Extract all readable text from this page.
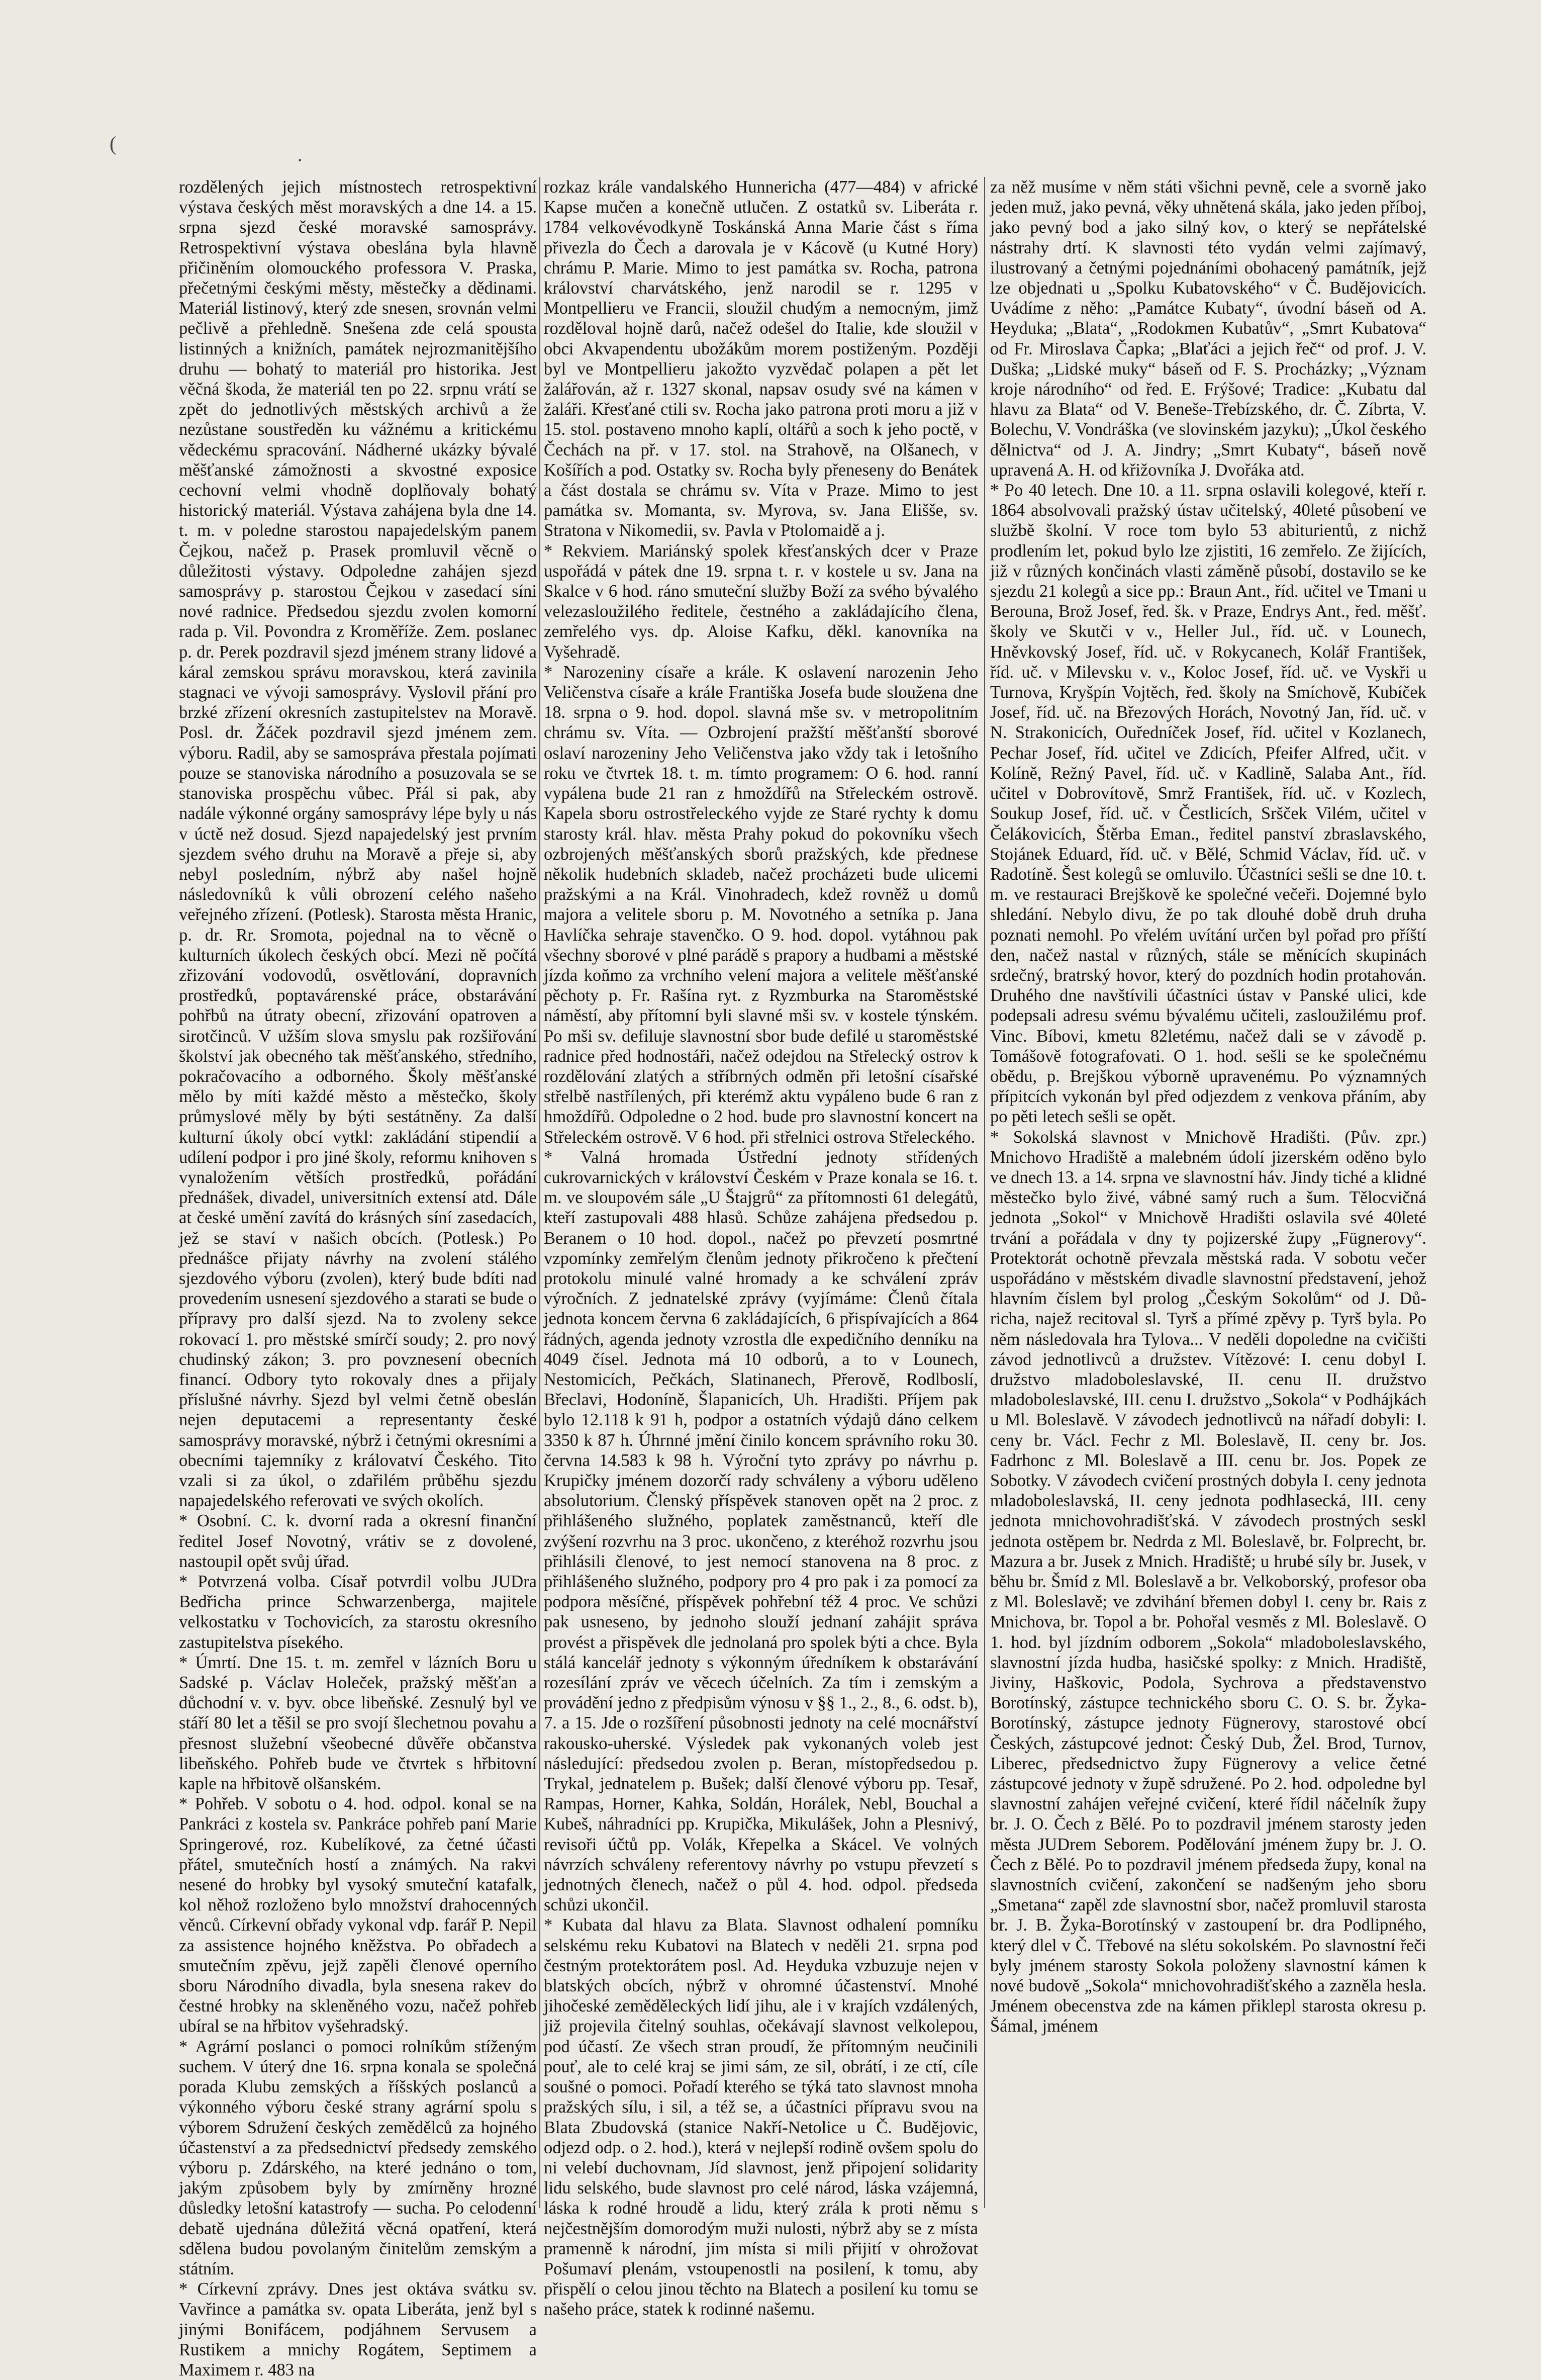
·
(

rozdělených jejich místnostech retrospektivní výstava českých měst moravských a dne 14. a 15. srpna sjezd české moravské samosprávy. Retrospektivní výstava obeslána byla hlavně přičiněním olomouckého professora V. Praska, přečetnými českými městy, městečky a dědinami. Materiál listinový, který zde snesen, srovnán velmi pečlivě a přehledně. Snešena zde celá spousta listinných a knižních, památek nejrozmanitějšího druhu — bohatý to materiál pro historika. Jest věčná škoda, že materiál ten po 22. srpnu vrátí se zpět do jednotlivých městských archivů a že nezůstane soustředěn ku vážnému a kritickému vědeckému spracování. Nádherné ukázky bývalé měšťanské zámožnosti a skvostné exposice cechovní velmi vhodně doplňovaly bohatý historický materiál. Výstava zahájena byla dne 14. t. m. v poledne starostou napajedelským panem Čejkou, načež p. Prasek promluvil věcně o důležitosti výstavy. Odpoledne zahájen sjezd samosprávy p. starostou Čejkou v zasedací síni nové radnice. Předsedou sjezdu zvolen komorní rada p. Vil. Povondra z Kroměříže. Zem. poslanec p. dr. Perek pozdravil sjezd jménem strany lidové a káral zemskou správu moravskou, která zavinila stagnaci ve vývoji samosprávy. Vyslovil přání pro brzké zřízení okresních zastupitelstev na Moravě. Posl. dr. Žáček pozdravil sjezd jménem zem. výboru. Radil, aby se samosprávа přestala pojímati pouze se stanoviska národního a posuzovala se se stanoviska prospěchu vůbec. Přál si pak, aby nadále výkonné orgány samosprávy lépe byly u nás v úctě než dosud. Sjezd napajedelský jest prvním sjezdem svého druhu na Moravě a přeje si, aby nebyl posledním, nýbrž aby našel hojně následovníků k vůli obrození celého našeho veřejného zřízení. (Potlesk). Starosta města Hranic, p. dr. Rr. Sromota, pojednal na to věcně o kulturních úkolech českých obcí. Mezi ně počítá zřizování vodovodů, osvětlování, dopravních prostředků, poptavárenské práce, obstarávání pohřbů na útraty obecní, zřizování opatroven a sirotčinců. V užším slova smyslu pak rozšiřování školství jak obecného tak měšťanského, středního, pokračovacího a odborného. Školy měšťanské mělo by míti každé město a městečko, školy průmyslové měly by býti sestátněny. Za další kulturní úkoly obcí vytkl: zakládání stipendií a udílení podpor i pro jiné školy, reformu knihoven s vynaložením větších prostředků, pořádání přednášek, divadel, universitních extensí atd. Dále at české umění zavítá do krásných síní zasedacích, jež se staví v našich obcích. (Potlesk.) Po přednášce přijaty návrhy na zvolení stálého sjezdového výboru (zvolen), který bude bdíti nad provedením usnesení sjezdového a starati se bude o přípravy pro další sjezd. Na to zvoleny sekce rokovací 1. pro městské smírčí soudy; 2. pro nový chudinský zákon; 3. pro povznesení obecních financí. Odbory tyto rokovaly dnes a přijaly příslušné návrhy. Sjezd byl velmi četně obeslán nejen deputacemi a representanty české samosprávy moravské, nýbrž i četnými okresními a obecními tajemníky z královatví Českého. Tito vzali si za úkol, o zdařilém průběhu sjezdu napajedelského referovati ve svých okolích.

* Osobní. C. k. dvorní rada a okresní finanční ředitel Josef Novotný, vrátiv se z dovolené, nastoupil opět svůj úřad.

* Potvrzená volba. Císař potvrdil volbu JUDra Bedřicha prince Schwarzenberga, majitele velkostatku v Tochovicích, za starostu okresního zastupitelstva písekého.

* Úmrtí. Dne 15. t. m. zemřel v lázních Boru u Sadské p. Václav Holeček, pražský měšťan a důchodní v. v. byv. obce libeňské. Zesnulý byl ve stáří 80 let a těšil se pro svojí šlechetnou povahu a přesnost služební všeobecné důvěře občanstva libeňského. Pohřeb bude ve čtvrtek s hřbitovní kaple na hřbitově olšanském.

* Pohřeb. V sobotu o 4. hod. odpol. konal se na Pankráci z kostela sv. Pankráce pohřeb paní Marie Springerové, roz. Kubelíkové, za četné účasti přátel, smutečních hostí a známých. Na rakvi nesené do hrobky byl vysoký smuteční katafalk, kol něhož rozloženo bylo množství drahocenných věnců. Církevní obřady vykonal vdp. farář P. Nepil za assistence hojného kněžstva. Po obřadech a smutečním zpěvu, jejž zapěli členové operního sboru Národního divadla, byla snesena rakev do čestné hrobky na skleněného vozu, načež pohřeb ubíral se na hřbitov vyšehradský.

* Agrární poslanci o pomoci rolníkům stíženým suchem. V úterý dne 16. srpna konala se společná porada Klubu zemských a říšských poslanců a výkonného výboru české strany agrární spolu s výborem Sdružení českých zemědělců za hojného účastenství a za předsednictví předsedy zemského výboru p. Zdárského, na které jednáno o tom, jakým způsobem byly by zmírněny hrozné důsledky letošní katastrofy — sucha. Po celodenní debatě ujednána důležitá věcná opatření, která sdělena budou povolaným činitelům zemským a státním.

* Církevní zprávy. Dnes jest oktáva svátku sv. Vavřince a památka sv. opata Liberáta, jenž byl s jinými Bonifácem, podjáhnem Servusem a Rustikem a mnichy Rogátem, Septimem a Maximem r. 483 na

rozkaz krále vandalského Hunnericha (477—484) v africké Kapse mučen a konečně utlučen. Z ostatků sv. Liberáta r. 1784 velkovévodkyně Toskánská Anna Marie část s říma přivezla do Čech a darovala je v Kácově (u Kutné Hory) chrámu P. Marie. Mimo to jest památka sv. Rocha, patrona království charvátského, jenž narodil se r. 1295 v Montpellieru ve Francii, sloužil chudým a nemocným, jimž rozděloval hojně darů, načež odešel do Italie, kde sloužil v obci Akvapendentu ubožákům morem postiženým. Později byl ve Montpellieru jakožto vyzvědač polapen a pět let žalářován, až r. 1327 skonal, napsav osudy své na kámen v žaláři. Křesťané ctili sv. Rocha jako patrona proti moru a již v 15. stol. postaveno mnoho kaplí, oltářů a soch k jeho poctě, v Čechách na př. v 17. stol. na Strahově, na Olšanech, v Košířích a pod. Ostatky sv. Rocha byly přeneseny do Benátek a část dostala se chrámu sv. Víta v Praze. Mimo to jest památka sv. Momanta, sv. Myrova, sv. Jana Elišše, sv. Stratona v Nikomedii, sv. Pavla v Ptolomaidě a j.

* Rekviem. Mariánský spolek křesťanských dcer v Praze uspořádá v pátek dne 19. srpna t. r. v kostele u sv. Jana na Skalce v 6 hod. ráno smuteční služby Boží za svého bývalého velezasloužilého ředitele, čestného a zakládajícího člena, zemřelého vys. dp. Aloise Kafku, děkl. kanovníka na Vyšehradě.

* Narozeniny císaře a krále. K oslavení narozenin Jeho Veličenstva císaře a krále Františka Josefa bude sloužena dne 18. srpna o 9. hod. dopol. slavná mše sv. v metropolitním chrámu sv. Víta. — Ozbrojení pražští měšťanští sborové oslaví narozeniny Jeho Veličenstva jako vždy tak i letošního roku ve čtvrtek 18. t. m. tímto programem: O 6. hod. ranní vypálena bude 21 ran z hmoždířů na Střeleckém ostrově. Kapela sboru ostrostřeleckého vyjde ze Staré rychty k domu starosty král. hlav. města Prahy pokud do pokovníku všech ozbrojených měšťanských sborů pražských, kde přednese několik hudebních skladeb, načež procházeti bude ulicemi pražskými a na Král. Vinohradech, kdež rovněž u domů majora a velitele sboru p. M. Novotného a setníka p. Jana Havlíčka sehraje stavenčko. O 9. hod. dopol. vytáhnou pak všechny sborové v plné parádě s prapory a hudbami a městské jízda koňmo za vrchního velení majora a velitele měšťanské pěchoty p. Fr. Rašína ryt. z Ryzmburka na Staroměstské náměstí, aby přítomní byli slavné mši sv. v kostele týnském. Po mši sv. defiluje slavnostní sbor bude defilé u staroměstské radnice před hodnostáři, načež odejdou na Střelecký ostrov k rozdělování zlatých a stříbrných odměn při letošní císařské střelbě nastřílených, při kterémž aktu vypáleno bude 6 ran z hmoždířů. Odpoledne o 2 hod. bude pro slavnostní koncert na Střeleckém ostrově. V 6 hod. při střelnici ostrova Střeleckého.

* Valná hromada Ústřední jednoty střídených cukrovarnických v království Českém v Praze konala se 16. t. m. ve sloupovém sále „U Štajgrů“ za přítomnosti 61 delegátů, kteří zastupovali 488 hlasů. Schůze zahájena předsedou p. Beranem o 10 hod. dopol., načež po převzetí posmrtné vzpomínky zemřelým členům jednoty přikročeno k přečtení protokolu minulé valné hromady a ke schválení zpráv výročních. Z jednatelské zprávy (vyjímáme: Členů čítala jednota koncem června 6 zakládajících, 6 přispívajících a 864 řádných, agenda jednoty vzrostla dle expedičního denníku na 4049 čísel. Jednota má 10 odborů, a to v Lounech, Nestomicích, Pečkách, Slatinanech, Přerově, Rodlboslí, Břeclavi, Hodoníně, Šlapanicích, Uh. Hradišti. Příjem pak bylo 12.118 k 91 h, podpor a ostatních výdajů dáno celkem 3350 k 87 h. Úhrnné jmění činilo koncem správního roku 30. června 14.583 k 98 h. Výroční tyto zprávy po návrhu p. Krupičky jménem dozorčí rady schváleny a výboru uděleno absolutorium. Členský příspěvek stanoven opět na 2 proc. z přihlášeného služného, poplatek zaměstnanců, kteří dle zvýšení rozvrhu na 3 proc. ukončeno, z kteréhož rozvrhu jsou přihlásili členové, to jest nemocí stanovena na 8 proc. z přihlášeného služného, podpory pro 4 pro pak i za pomocí za podpora měsíčné, příspěvek pohřební též 4 proc. Ve schůzi pak usneseno, by jednoho slouží jednaní zahájit správa provést a přispěvek dle jednolaná pro spolek býti a chce. Byla stálá kancelář jednoty s výkonným úředníkem k obstarávání rozesílání zpráv ve věcech účelních. Za tím i zemským a provádění jedno z předpisům výnosu v §§ 1., 2., 8., 6. odst. b), 7. a 15. Jde o rozšíření působnosti jednoty na celé mocnářství rakousko-uherské. Výsledek pak vykonaných voleb jest následující: předsedou zvolen p. Beran, místopředsedou p. Trykal, jednatelem p. Bušek; další členové výboru pp. Tesař, Rampas, Horner, Kahka, Soldán, Horálek, Nebl, Bouchal a Kubeš, náhradníci pp. Krupička, Mikulášek, John a Plesnivý, revisoři účtů pp. Volák, Křepelka a Skácel. Ve volných návrzích schváleny referentovy návrhy po vstupu převzetí s jednotných členech, načež o půl 4. hod. odpol. předseda schůzi ukončil.

* Kubata dal hlavu za Blata. Slavnost odhalení pomníku selskému reku Kubatovi na Blatech v neděli 21. srpna pod čestným protektorátem posl. Ad. Heyduka vzbuzuje nejen v blatských obcích, nýbrž v ohromné účastenství. Mnohé jihočeské zeměděleckých lidí jihu, ale i v krajích vzdálených, již projevila čitelný souhlas, očekávají slavnost velkolepou, pod účastí. Ze všech stran proudí, že přítomným neučinili pouť, ale to celé kraj se jimi sám, ze sil, obrátí, i ze ctí, cíle soušné o pomoci. Pořadí kterého se týká tato slavnost mnoha pražských sílu, i sil, a též se, a účastníci přípravu svou na Blata Zbudovská (stanice Nakří-Netolice u Č. Budějovic, odjezd odp. o 2. hod.), která v nejlepší rodině ovšem spolu do ni velebí duchovnam, Jíd slavnost, jenž připojení solidarity lidu selského, bude slavnost pro celé národ, láska vzájemná, láska k rodné hroudě a lidu, který zrála k proti němu s nejčestnějším domorodým muži nulosti, nýbrž aby se z místa pramenně k národní, jim místa si mili přijití v ohrožovat Pošumaví plenám, vstoupenostli na posilení, k tomu, aby přispělí o celou jinou těchto na Blatech a posilení ku tomu se našeho práce, statek k rodinné našemu.

za něž musíme v něm státi všichni pevně, cele a svorně jako jeden muž, jako pevná, věky uhnětená skála, jako jeden příboj, jako pevný bod a jako silný kov, o který se nepřátelské nástrahy drtí. K slavnosti této vydán velmi zajímavý, ilustrovaný a četnými pojednáními obohacený památník, jejž lze objednati u „Spolku Kubatovského“ v Č. Budějovicích. Uvádíme z něho: „Památce Kubaty“, úvodní báseň od A. Heyduka; „Blata“, „Rodokmen Kubatův“, „Smrt Kubatova“ od Fr. Miroslava Čapka; „Blaťáci a jejich řeč“ od prof. J. V. Duška; „Lidské muky“ báseň od F. S. Procházky; „Význam kroje národního“ od řed. E. Frýšové; Tradice: „Kubatu dal hlavu za Blata“ od V. Beneše-Třebízského, dr. Č. Zíbrta, V. Bolechu, V. Vondráška (ve slovinském jazyku); „Úkol českého dělnictva“ od J. A. Jindry; „Smrt Kubaty“, báseň nově upravená A. H. od křižovníka J. Dvořáka atd.

* Po 40 letech. Dne 10. a 11. srpna oslavili kolegové, kteří r. 1864 absolvovali pražský ústav učitelský, 40leté působení ve službě školní. V roce tom bylo 53 abiturientů, z nichž prodlením let, pokud bylo lze zjistiti, 16 zemřelo. Ze žijících, již v různých končinách vlasti záměně působí, dostavilo se ke sjezdu 21 kolegů a sice pp.: Braun Ant., říd. učitel ve Tmani u Berouna, Brož Josef, řed. šk. v Praze, Endrys Ant., řed. měšť. školy ve Skutči v v., Heller Jul., říd. uč. v Lounech, Hněvkovský Josef, říd. uč. v Rokycanech, Kolář František, říd. uč. v Milevsku v. v., Koloc Josef, říd. uč. ve Vyskři u Turnova, Kryšpín Vojtěch, řed. školy na Smíchově, Kubíček Josef, říd. uč. na Březových Horách, Novotný Jan, říd. uč. v N. Strakonicích, Ouředníček Josef, říd. učitel v Kozlanech, Pechar Josef, říd. učitel ve Zdicích, Pfeifer Alfred, učit. v Kolíně, Režný Pavel, říd. uč. v Kadlině, Salaba Ant., říd. učitel v Dobrovítově, Smrž František, říd. uč. v Kozlech, Soukup Josef, říd. uč. v Čestlicích, Sršček Vilém, učitel v Čelákovicích, Štěrba Eman., ředitel panství zbraslavského, Stojánek Eduard, říd. uč. v Bělé, Schmid Václav, říd. uč. v Radotíně. Šest kolegů se omluvilo. Účastníci sešli se dne 10. t. m. ve restauraci Brejškově ke společné večeři. Dojemné bylo shledání. Nebylo divu, že po tak dlouhé době druh druha poznati nemohl. Po vřelém uvítání určen byl pořad pro příští den, načež nastal v různých, stále se měnících skupinách srdečný, bratrský hovor, který do pozdních hodin protahován. Druhého dne navštívili účastníci ústav v Panské ulici, kde podepsali adresu svému bývalému učiteli, zasloužilému prof. Vinc. Bíbovi, kmetu 82letému, načež dali se v závodě p. Tomášově fotografovati. O 1. hod. sešli se ke společnému obědu, p. Brejškou výborně upravenému. Po významných přípitcích vykonán byl před odjezdem z venkova přáním, aby po pěti letech sešli se opět.

* Sokolská slavnost v Mnichově Hradišti. (Pův. zpr.) Mnichovo Hradiště a malebném údolí jizerském oděno bylo ve dnech 13. a 14. srpna ve slavnostní háv. Jindy tiché a klidné městečko bylo živé, vábné samý ruch a šum. Tělocvičná jednota „Sokol“ v Mnichově Hradišti oslavila své 40leté trvání a pořádala v dny ty pojizerské župy „Fügnerovy“. Protektorát ochotně převzala městská rada. V sobotu večer uspořádáno v městském divadle slavnostní představení, jehož hlavním číslem byl prolog „Českým Sokolům“ od J. Dů- richa, najež recitoval sl. Tyrš a přímé zpěvy p. Tyrš byla. Po něm následovala hra Tylova... V neděli dopoledne na cvičišti závod jednotlivců a družstev. Vítězové: I. cenu dobyl I. družstvo mladoboleslavské, II. cenu II. družstvo mladoboleslavské, III. cenu I. družstvo „Sokola“ v Podhájkách u Ml. Boleslavě. V závodech jednotlivců na nářadí dobyli: I. ceny br. Václ. Fechr z Ml. Boleslavě, II. ceny br. Jos. Fadrhonc z Ml. Boleslavě a III. cenu br. Jos. Popek ze Sobotky. V závodech cvičení prostných dobyla I. ceny jednota mladoboleslavská, II. ceny jednota podhlasecká, III. ceny jednota mnichovohradišťská. V závodech prostných seskl jednota ostěpem br. Nedrda z Ml. Boleslavě, br. Folprecht, br. Mazura a br. Jusek z Mnich. Hradiště; u hrubé síly br. Jusek, v běhu br. Šmíd z Ml. Boleslavě a br. Velkoborský, profesor oba z Ml. Boleslavě; ve zdvihání břemen dobyl I. ceny br. Rais z Mnichova, br. Topol a br. Pohořal vesměs z Ml. Boleslavě. O 1. hod. byl jízdním odborem „Sokola“ mladoboleslavského, slavnostní jízda hudba, hasičské spolky: z Mnich. Hradiště, Jiviny, Haškovic, Podola, Sychrova a představenstvo Borotínský, zástupce technického sboru C. O. S. br. Žyka-Borotínský, zástupce jednoty Fügnerovy, starostové obcí Českých, zástupcové jednot: Český Dub, Žel. Brod, Turnov, Liberec, předsednictvo župy Fügnerovy a velice četné zástupcové jednoty v župě sdružené. Po 2. hod. odpoledne byl slavnostní zahájen veřejné cvičení, které řídil náčelník župy br. J. O. Čech z Bělé. Po to pozdravil jménem starosty jeden města JUDrem Seborem. Podělování jménem župy br. J. O. Čech z Bělé. Po to pozdravil jménem předseda župy, konal na slavnostních cvičení, zakončení se nadšeným jeho sboru „Smetana“ zapěl zde slavnostní sbor, načež promluvil starosta br. J. B. Žyka-Borotínský v zastoupení br. dra Podlipného, který dlel v Č. Třebové na slétu sokolském. Po slavnostní řeči byly jménem starosty Sokola položeny slavnostní kámen k nové budově „Sokola“ mnichovohradišťského a zazněla hesla. Jménem obecenstva zde na kámen přiklepl starosta okresu p. Šámal, jménem
